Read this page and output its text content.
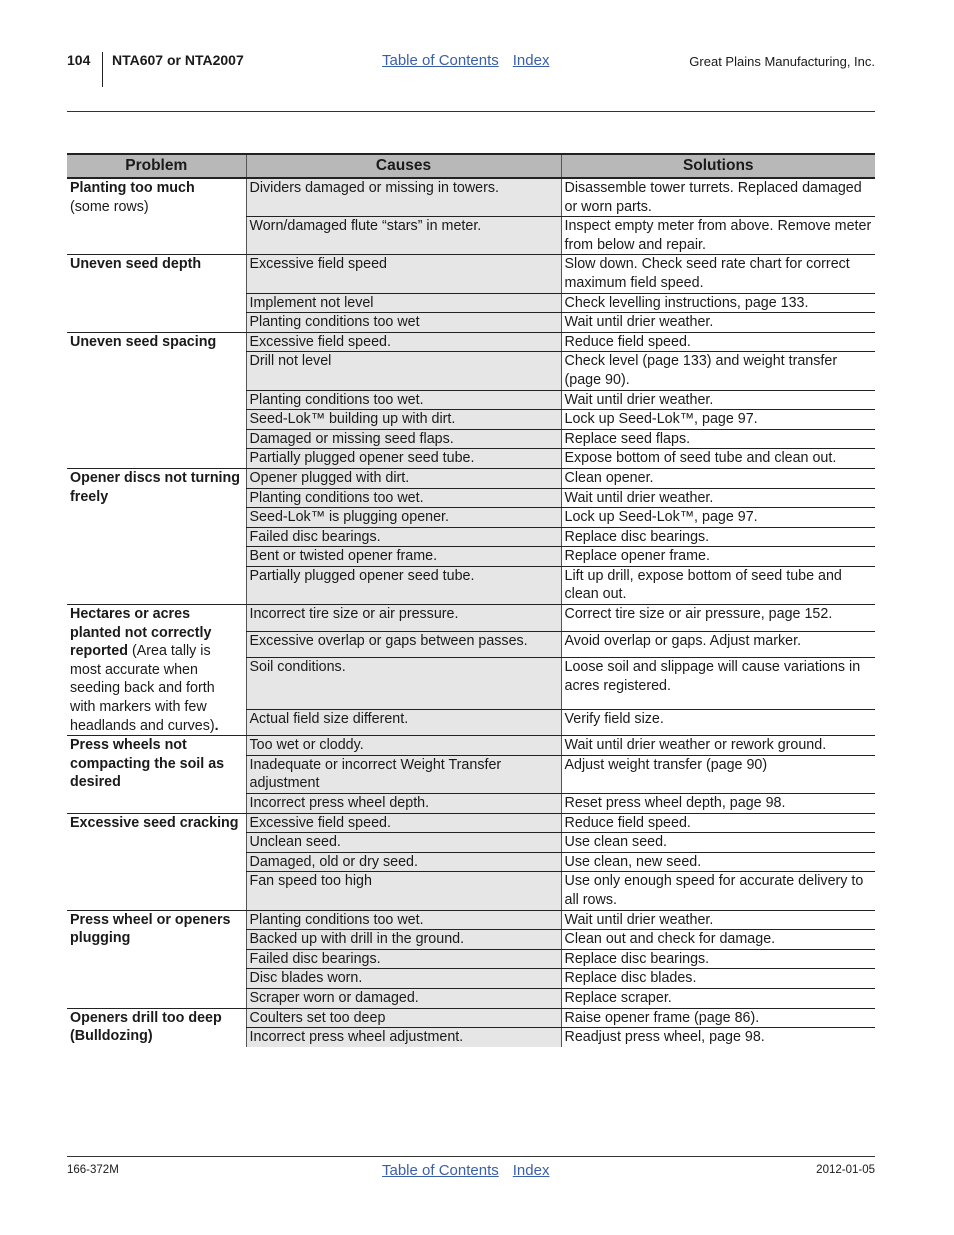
104 NTA607 or NTA2007	Table of Contents Index	Great Plains Manufacturing, Inc.
Problem	Causes	Solutions
Planting too much
(some rows)	Dividers damaged or missing in towers.	Disassemble tower turrets. Replaced damaged or worn parts.
	Worn/damaged flute “stars” in meter.	Inspect empty meter from above. Remove meter from below and repair.
Uneven seed depth	Excessive field speed	Slow down. Check seed rate chart for correct maximum field speed.
	Implement not level	Check levelling instructions, page 133.
	Planting conditions too wet	Wait until drier weather.
Uneven seed spacing	Excessive field speed.	Reduce field speed.
	Drill not level	Check level (page 133) and weight transfer (page 90).
	Planting conditions too wet.	Wait until drier weather.
	Seed-Lok™ building up with dirt.	Lock up Seed-Lok™, page 97.
	Damaged or missing seed flaps.	Replace seed flaps.
	Partially plugged opener seed tube.	Expose bottom of seed tube and clean out.
Opener discs not turning freely	Opener plugged with dirt.	Clean opener.
	Planting conditions too wet.	Wait until drier weather.
	Seed-Lok™ is plugging opener.	Lock up Seed-Lok™, page 97.
	Failed disc bearings.	Replace disc bearings.
	Bent or twisted opener frame.	Replace opener frame.
	Partially plugged opener seed tube.	Lift up drill, expose bottom of seed tube and clean out.
Hectares or acres planted not correctly reported (Area tally is most accurate when seeding back and forth with markers with few headlands and curves).	Incorrect tire size or air pressure.	Correct tire size or air pressure, page 152.
	Excessive overlap or gaps between passes.	Avoid overlap or gaps. Adjust marker.
	Soil conditions.	Loose soil and slippage will cause variations in acres registered.
	Actual field size different.	Verify field size.
Press wheels not compacting the soil as desired	Too wet or cloddy.	Wait until drier weather or rework ground.
	Inadequate or incorrect Weight Transfer adjustment	Adjust weight transfer (page 90)
	Incorrect press wheel depth.	Reset press wheel depth, page 98.
Excessive seed cracking	Excessive field speed.	Reduce field speed.
	Unclean seed.	Use clean seed.
	Damaged, old or dry seed.	Use clean, new seed.
	Fan speed too high	Use only enough speed for accurate delivery to all rows.
Press wheel or openers plugging	Planting conditions too wet.	Wait until drier weather.
	Backed up with drill in the ground.	Clean out and check for damage.
	Failed disc bearings.	Replace disc bearings.
	Disc blades worn.	Replace disc blades.
	Scraper worn or damaged.	Replace scraper.
Openers drill too deep (Bulldozing)	Coulters set too deep	Raise opener frame (page 86).
	Incorrect press wheel adjustment.	Readjust press wheel, page 98.
166-372M	Table of Contents Index	2012-01-05
